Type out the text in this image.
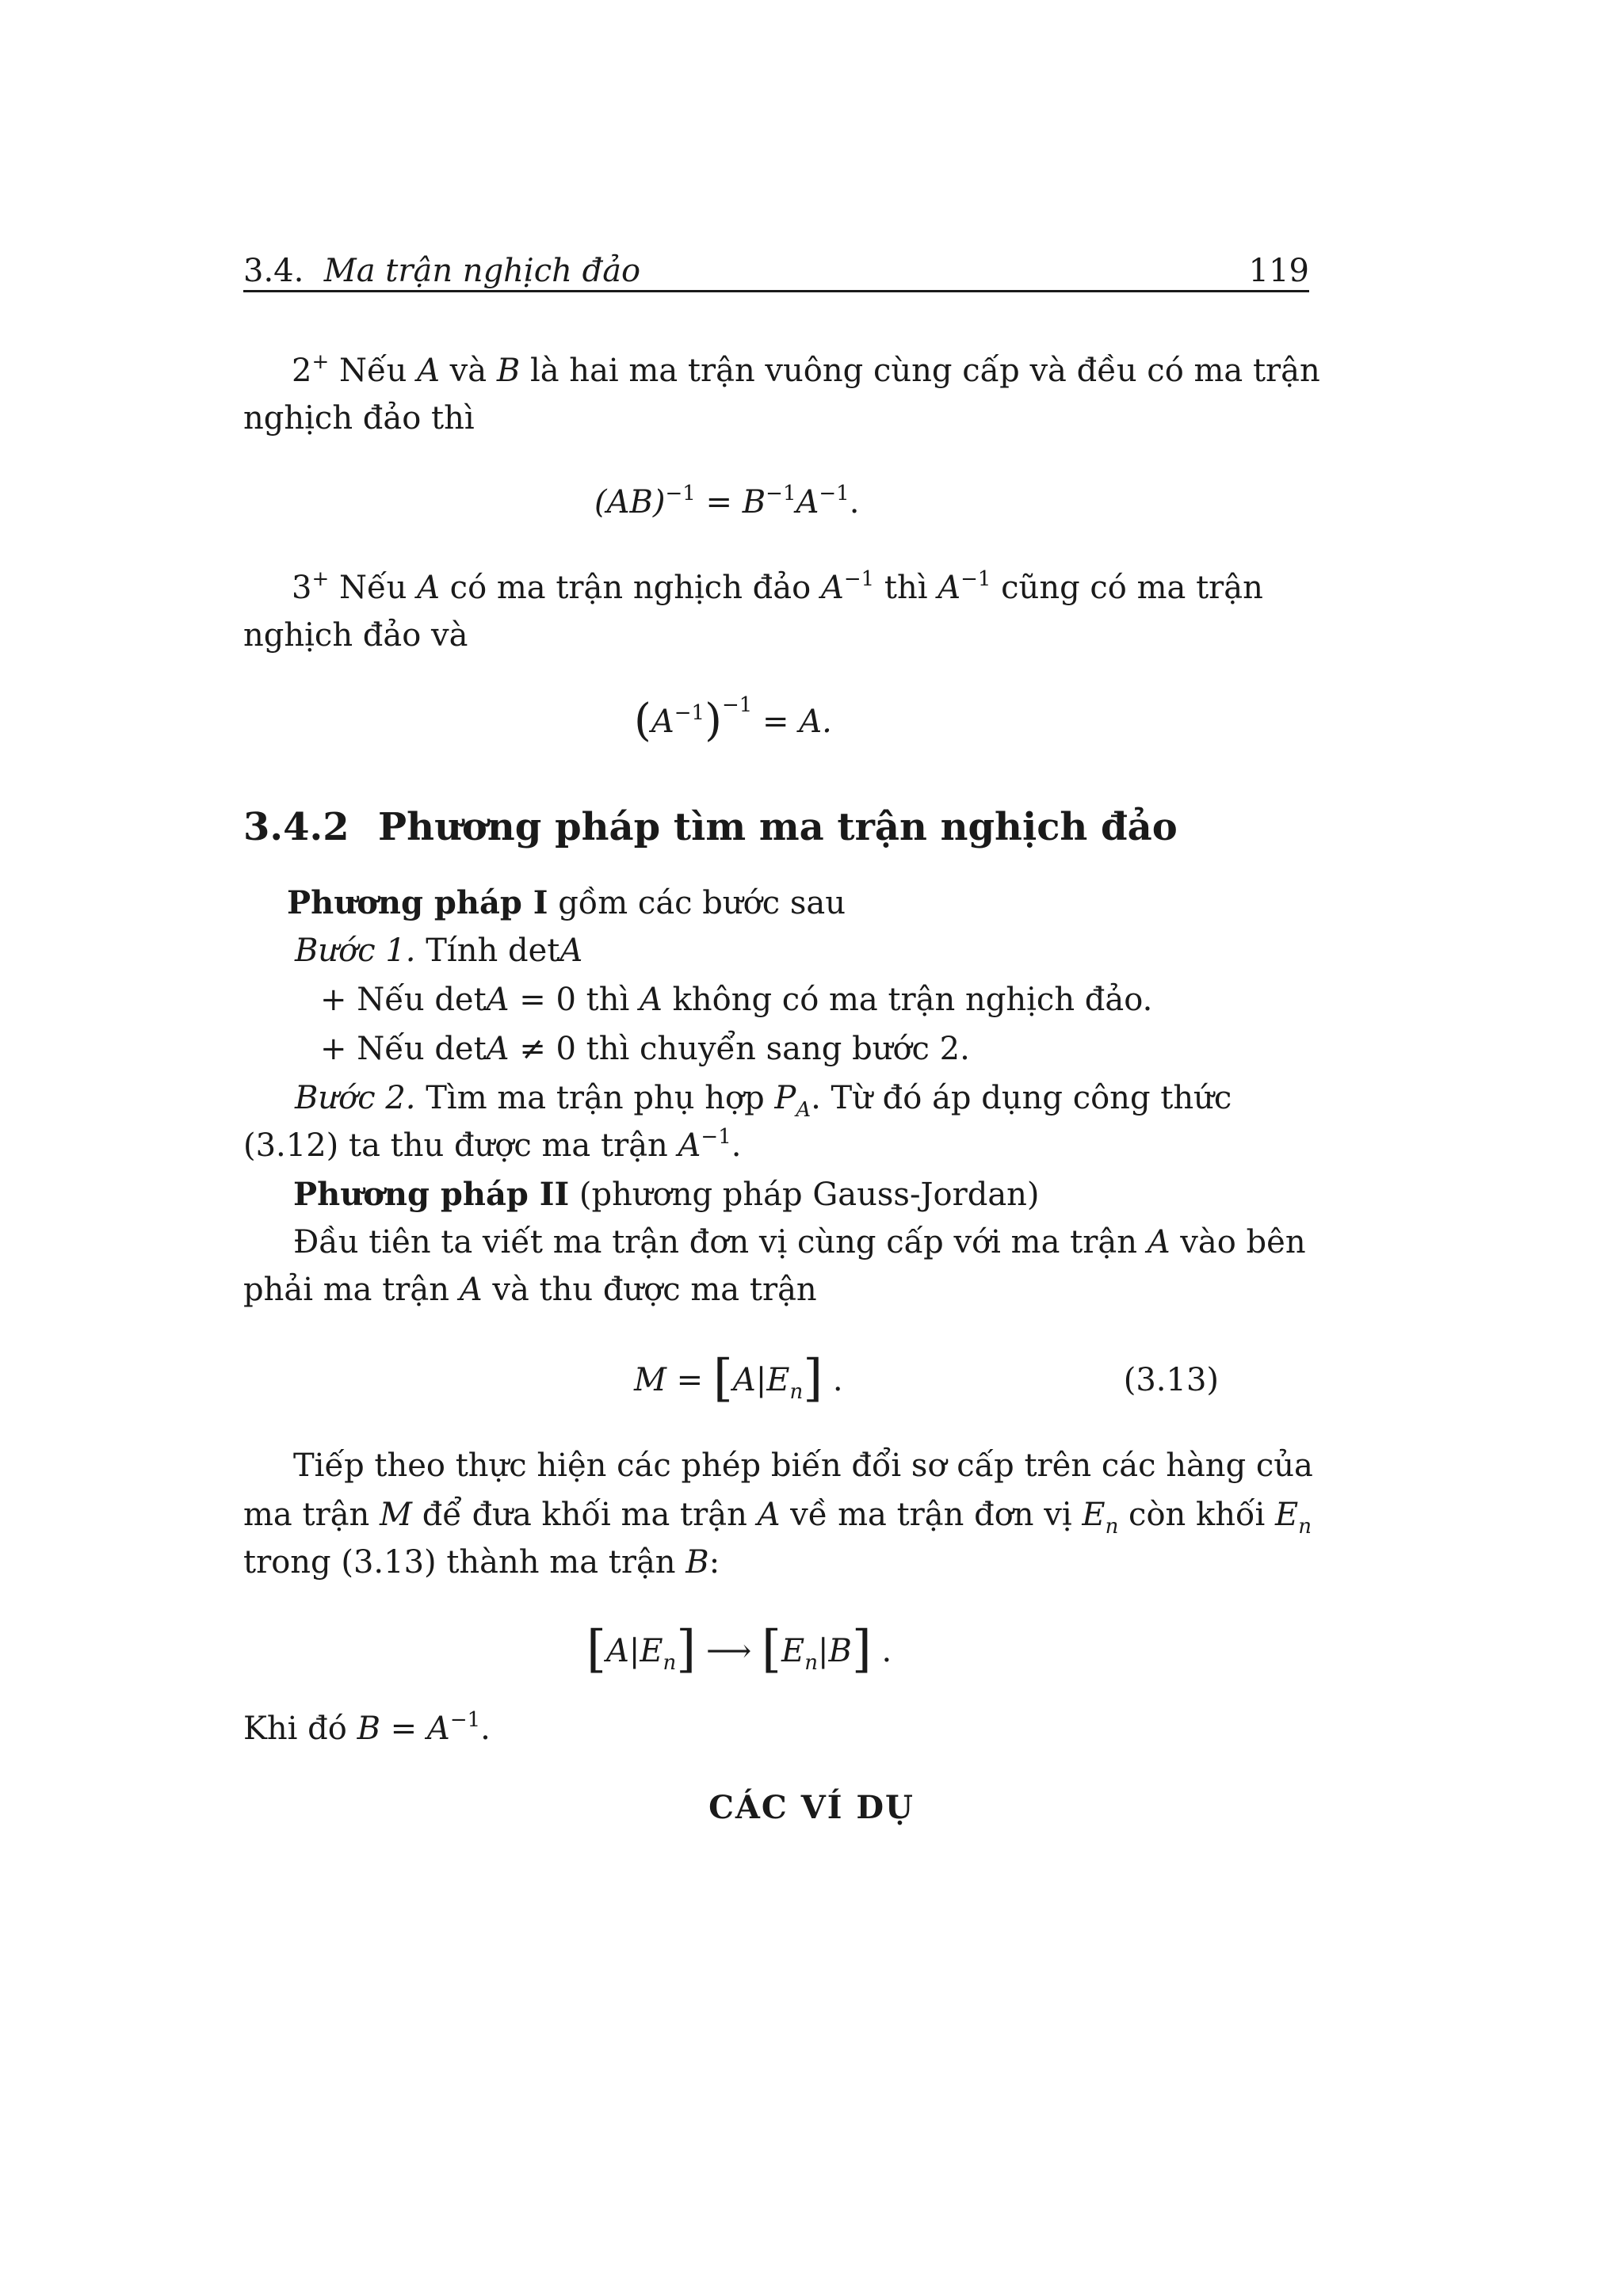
3.4. Ma trận nghịch đảo	119
2+ Nếu A và B là hai ma trận vuông cùng cấp và đều có ma trận
nghịch đảo thì
$(AB)^{-1} = B^{-1}A^{-1}$.
3+ Nếu A có ma trận nghịch đảo $A^{-1}$ thì $A^{-1}$ cũng có ma trận
nghịch đảo và
$(A^{-1})^{-1} = A$.
3.4.2 Phương pháp tìm ma trận nghịch đảo
Phương pháp I gồm các bước sau
Bước 1. Tính detA
+ Nếu detA = 0 thì A không có ma trận nghịch đảo.
+ Nếu detA ≠ 0 thì chuyển sang bước 2.
Bước 2. Tìm ma trận phụ hợp $P_A$. Từ đó áp dụng công thức
(3.12) ta thu được ma trận $A^{-1}$.
Phương pháp II (phương pháp Gauss-Jordan)
Đầu tiên ta viết ma trận đơn vị cùng cấp với ma trận A vào bên
phải ma trận A và thu được ma trận
$M = [A|E_n]$ .	(3.13)
Tiếp theo thực hiện các phép biến đổi sơ cấp trên các hàng của
ma trận M để đưa khối ma trận A về ma trận đơn vị $E_n$ còn khối $E_n$
trong (3.13) thành ma trận B:
$[A|E_n]$ ⟶ $[E_n|B]$ .
Khi đó $B = A^{-1}$.
CÁC VÍ DỤ
